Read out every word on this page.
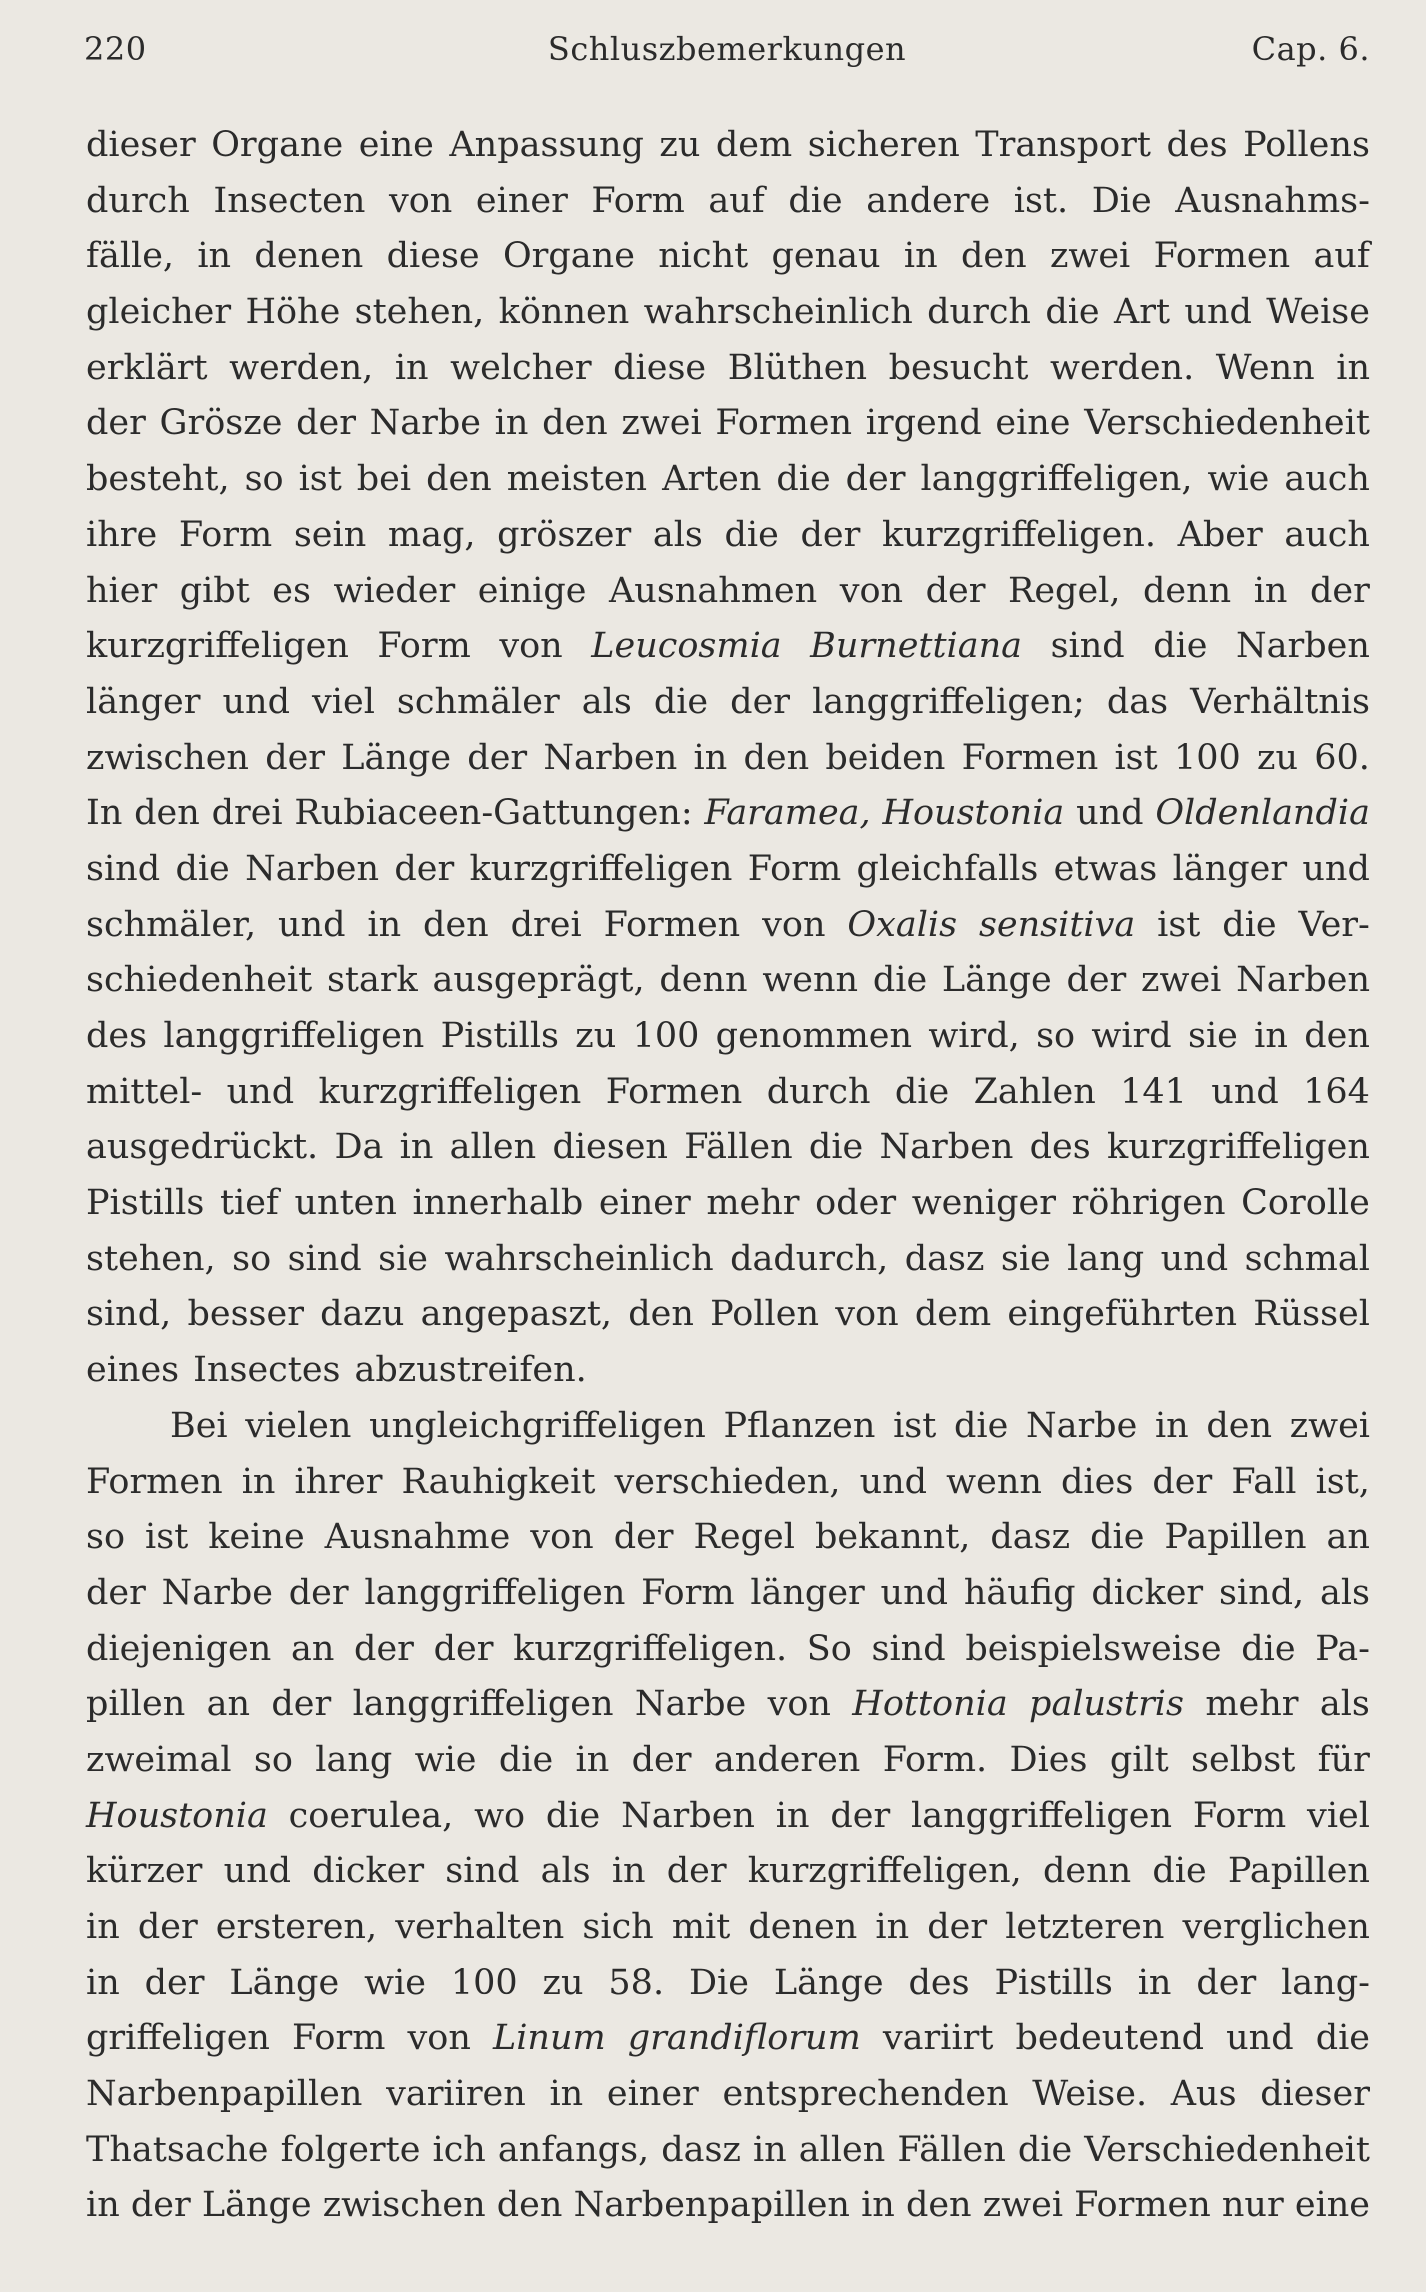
220	Schluszbemerkungen	Cap. 6.
dieser Organe eine Anpassung zu dem sicheren Transport des Pollens
durch Insecten von einer Form auf die andere ist. Die Ausnahms-
fälle, in denen diese Organe nicht genau in den zwei Formen auf
gleicher Höhe stehen, können wahrscheinlich durch die Art und Weise
erklärt werden, in welcher diese Blüthen besucht werden. Wenn in
der Grösze der Narbe in den zwei Formen irgend eine Verschiedenheit
besteht, so ist bei den meisten Arten die der langgriffeligen, wie auch
ihre Form sein mag, gröszer als die der kurzgriffeligen. Aber auch
hier gibt es wieder einige Ausnahmen von der Regel, denn in der
kurzgriffeligen Form von Leucosmia Burnettiana sind die Narben
länger und viel schmäler als die der langgriffeligen; das Verhältnis
zwischen der Länge der Narben in den beiden Formen ist 100 zu 60.
In den drei Rubiaceen-Gattungen: Faramea, Houstonia und Oldenlandia
sind die Narben der kurzgriffeligen Form gleichfalls etwas länger und
schmäler, und in den drei Formen von Oxalis sensitiva ist die Ver-
schiedenheit stark ausgeprägt, denn wenn die Länge der zwei Narben
des langgriffeligen Pistills zu 100 genommen wird, so wird sie in den
mittel- und kurzgriffeligen Formen durch die Zahlen 141 und 164
ausgedrückt. Da in allen diesen Fällen die Narben des kurzgriffeligen
Pistills tief unten innerhalb einer mehr oder weniger röhrigen Corolle
stehen, so sind sie wahrscheinlich dadurch, dasz sie lang und schmal
sind, besser dazu angepaszt, den Pollen von dem eingeführten Rüssel
eines Insectes abzustreifen.
Bei vielen ungleichgriffeligen Pflanzen ist die Narbe in den zwei
Formen in ihrer Rauhigkeit verschieden, und wenn dies der Fall ist,
so ist keine Ausnahme von der Regel bekannt, dasz die Papillen an
der Narbe der langgriffeligen Form länger und häufig dicker sind, als
diejenigen an der der kurzgriffeligen. So sind beispielsweise die Pa-
pillen an der langgriffeligen Narbe von Hottonia palustris mehr als
zweimal so lang wie die in der anderen Form. Dies gilt selbst für
Houstonia coerulea, wo die Narben in der langgriffeligen Form viel
kürzer und dicker sind als in der kurzgriffeligen, denn die Papillen
in der ersteren, verhalten sich mit denen in der letzteren verglichen
in der Länge wie 100 zu 58. Die Länge des Pistills in der lang-
griffeligen Form von Linum grandiflorum variirt bedeutend und die
Narbenpapillen variiren in einer entsprechenden Weise. Aus dieser
Thatsache folgerte ich anfangs, dasz in allen Fällen die Verschiedenheit
in der Länge zwischen den Narbenpapillen in den zwei Formen nur eine
